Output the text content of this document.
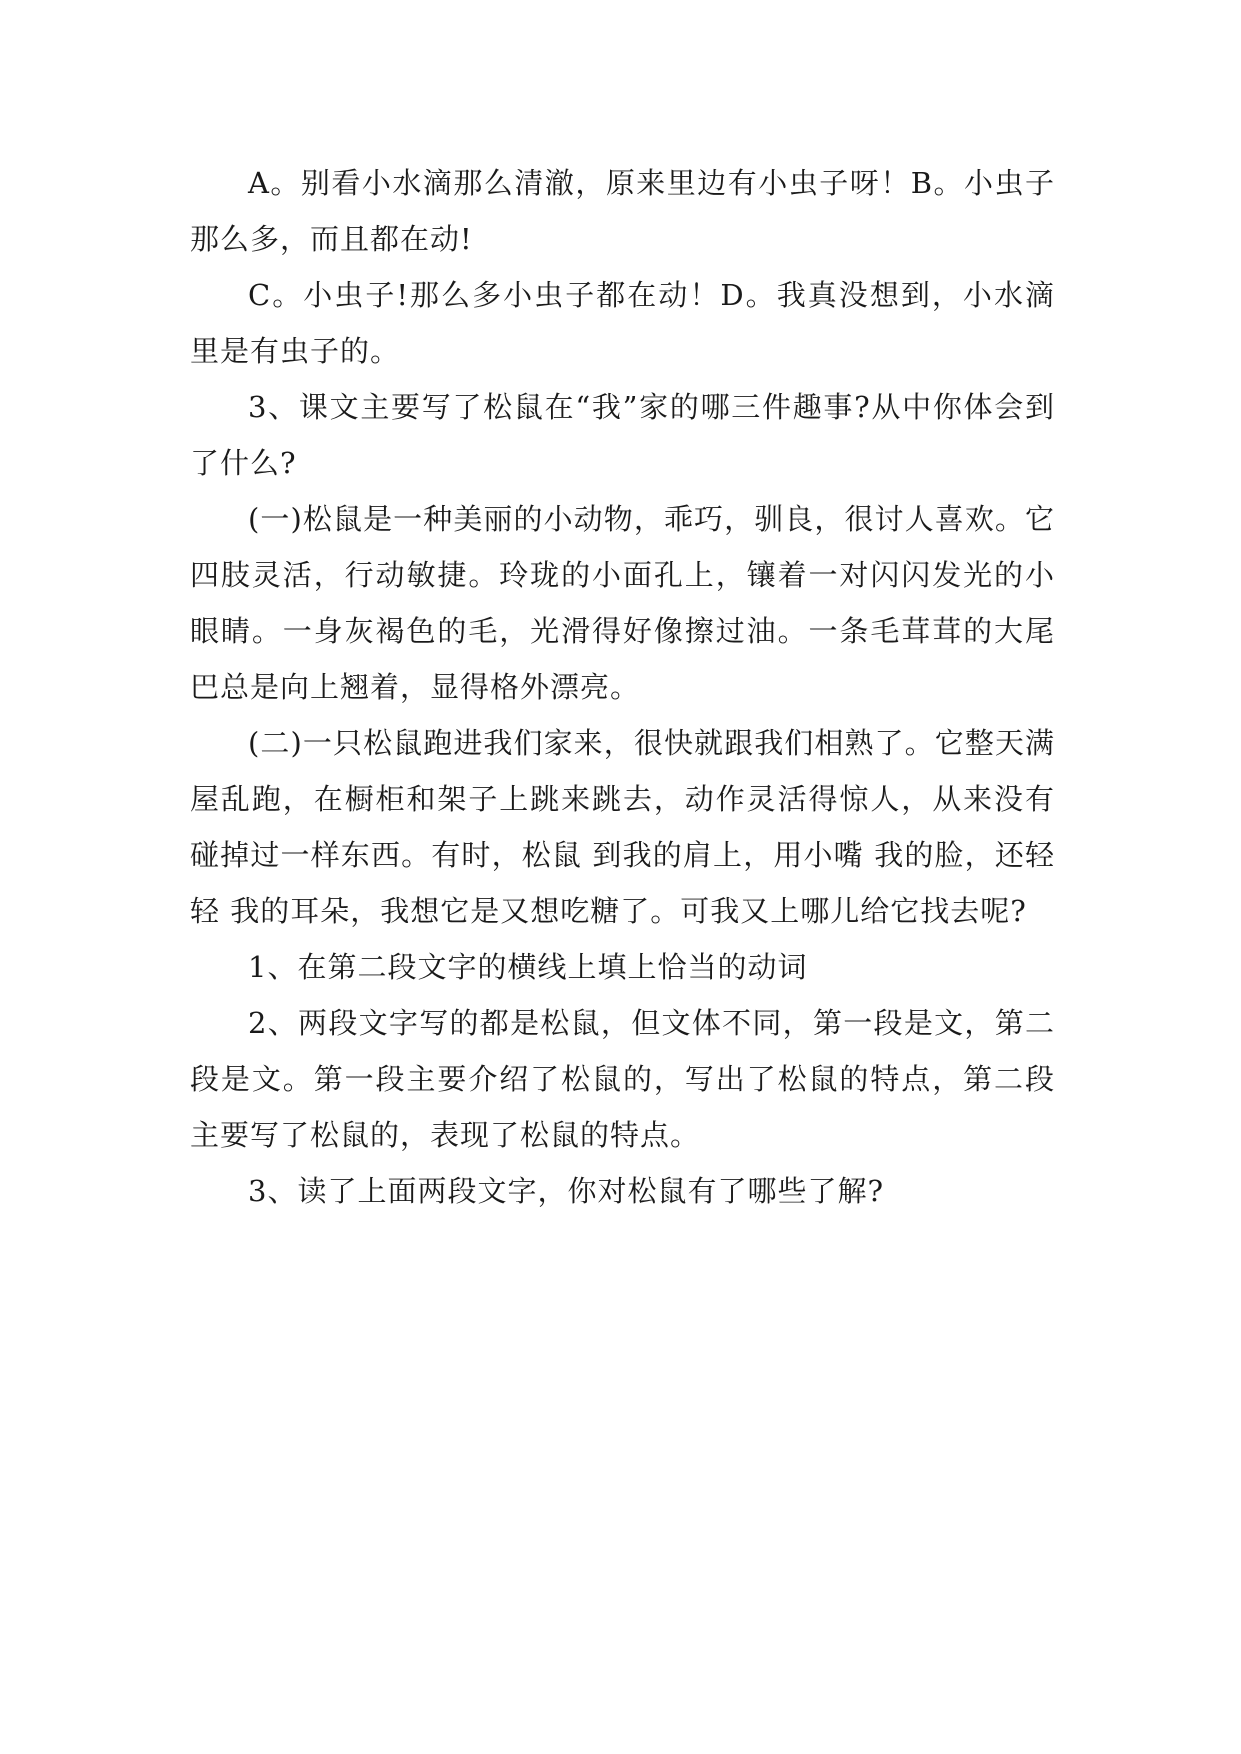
A。别看小水滴那么清澈，原来里边有小虫子呀！B。小虫子那么多，而且都在动!

C。小虫子!那么多小虫子都在动！D。我真没想到，小水滴里是有虫子的。

3、课文主要写了松鼠在“我”家的哪三件趣事?从中你体会到了什么?

(一)松鼠是一种美丽的小动物，乖巧，驯良，很讨人喜欢。它四肢灵活，行动敏捷。玲珑的小面孔上，镶着一对闪闪发光的小眼睛。一身灰褐色的毛，光滑得好像擦过油。一条毛茸茸的大尾巴总是向上翘着，显得格外漂亮。

(二)一只松鼠跑进我们家来，很快就跟我们相熟了。它整天满屋乱跑，在橱柜和架子上跳来跳去，动作灵活得惊人，从来没有碰掉过一样东西。有时，松鼠 到我的肩上，用小嘴 我的脸，还轻轻 我的耳朵，我想它是又想吃糖了。可我又上哪儿给它找去呢?

1、在第二段文字的横线上填上恰当的动词

2、两段文字写的都是松鼠，但文体不同，第一段是文，第二段是文。第一段主要介绍了松鼠的，写出了松鼠的特点，第二段主要写了松鼠的，表现了松鼠的特点。

3、读了上面两段文字，你对松鼠有了哪些了解?
